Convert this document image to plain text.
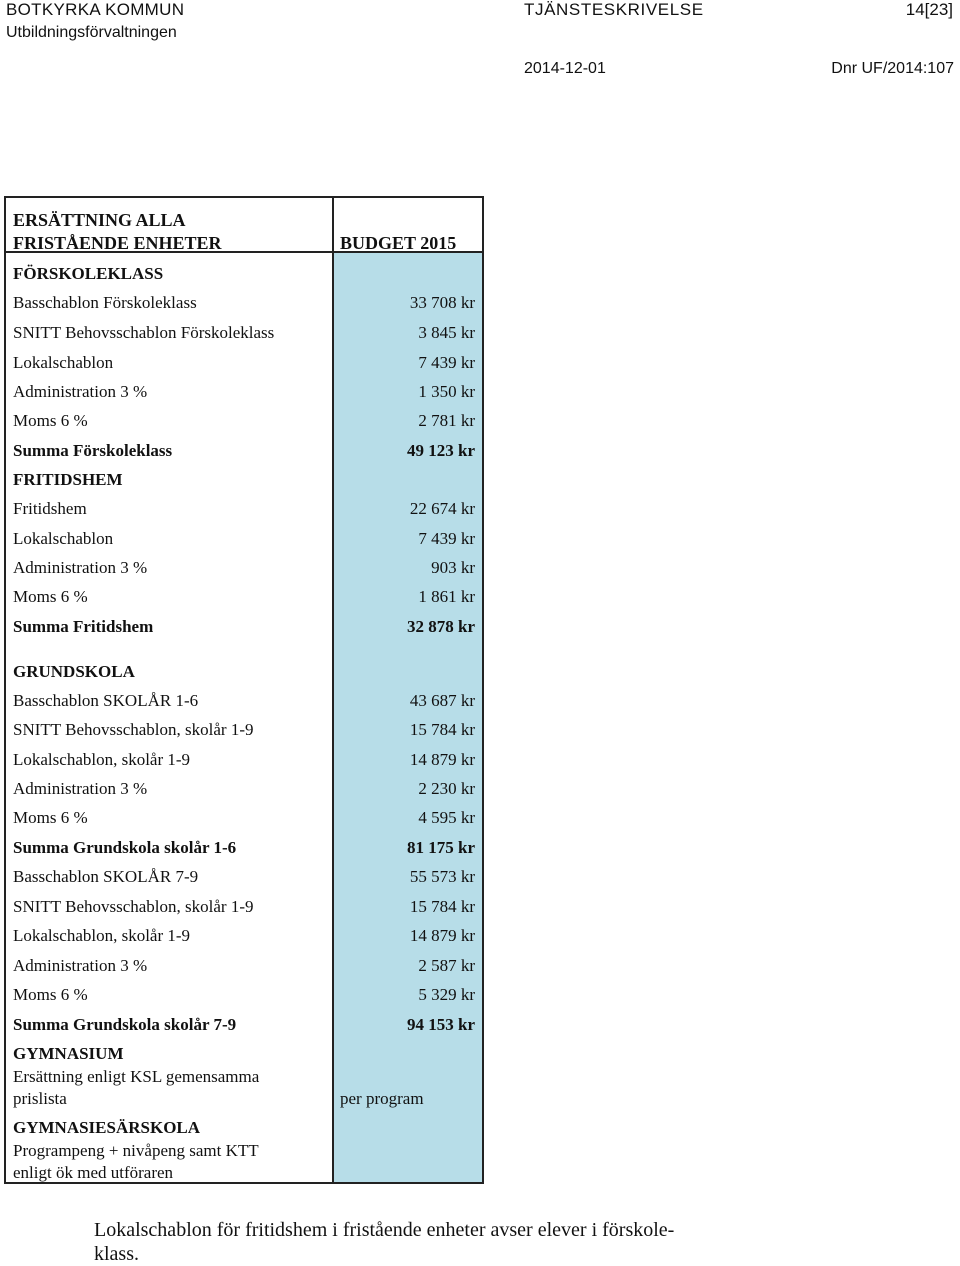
BOTKYRKA KOMMUN
Utbildningsförvaltningen
TJÄNSTESKRIVELSE	14[23]
2014-12-01	Dnr UF/2014:107
ERSÄTTNING ALLA
FRISTÅENDE ENHETER	BUDGET 2015
FÖRSKOLEKLASS
Basschablon Förskoleklass	33 708 kr
SNITT Behovsschablon Förskoleklass	3 845 kr
Lokalschablon	7 439 kr
Administration 3 %	1 350 kr
Moms 6 %	2 781 kr
Summa Förskoleklass	49 123 kr
FRITIDSHEM
Fritidshem	22 674 kr
Lokalschablon	7 439 kr
Administration 3 %	903 kr
Moms 6 %	1 861 kr
Summa Fritidshem	32 878 kr
GRUNDSKOLA
Basschablon SKOLÅR 1-6	43 687 kr
SNITT Behovsschablon, skolår 1-9	15 784 kr
Lokalschablon, skolår 1-9	14 879 kr
Administration 3 %	2 230 kr
Moms 6 %	4 595 kr
Summa Grundskola skolår 1-6	81 175 kr
Basschablon SKOLÅR 7-9	55 573 kr
SNITT Behovsschablon, skolår 1-9	15 784 kr
Lokalschablon, skolår 1-9	14 879 kr
Administration 3 %	2 587 kr
Moms 6 %	5 329 kr
Summa Grundskola skolår 7-9	94 153 kr
GYMNASIUM
Ersättning enligt KSL gemensamma
prislista	per program
GYMNASIESÄRSKOLA
Programpeng + nivåpeng samt KTT
enligt ök med utföraren
Lokalschablon för fritidshem i fristående enheter avser elever i förskole-
klass.
